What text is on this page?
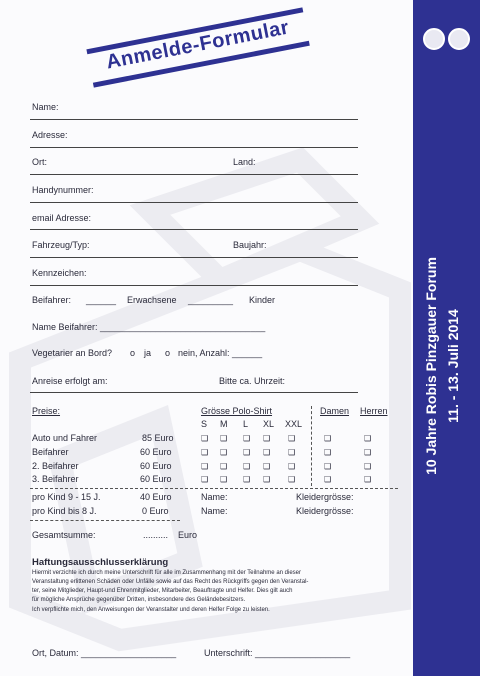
Anmelde-Formular
10 Jahre Robis Pinzgauer Forum 11. - 13. Juli 2014
Name:
Adresse:
Ort:	Land:
Handynummer:
email Adresse:
Fahrzeug/Typ:	Baujahr:
Kennzeichen:
Beifahrer: ______ Erwachsene _________ Kinder
Name Beifahrer: _________________________________
Vegetarier an Bord? o ja o nein, Anzahl: ______
Anreise erfolgt am:	Bitte ca. Uhrzeit:
Preise:	Grösse Polo-Shirt	Damen Herren
S M L XL XXL
Auto und Fahrer	85 Euro	❑ ❑ ❑ ❑ ❑	❑	❑
Beifahrer	60 Euro	❑ ❑ ❑ ❑ ❑	❑	❑
2. Beifahrer	60 Euro	❑ ❑ ❑ ❑ ❑	❑	❑
3. Beifahrer	60 Euro	❑ ❑ ❑ ❑ ❑	❑	❑
pro Kind 9 - 15 J.	40 Euro	Name:	Kleidergrösse:
pro Kind bis 8 J.	0 Euro	Name:	Kleidergrösse:
Gesamtsumme:	.......... Euro
Haftungsausschlusserklärung
Hiermit verzichte ich durch meine Unterschrift für alle im Zusammenhang mit der Teilnahme an dieser
Veranstaltung erlittenen Schäden oder Unfälle sowie auf das Recht des Rückgriffs gegen den Veranstal-
ter, seine Mitglieder, Haupt-und Ehrenmitglieder, Mitarbeiter, Beauftragte und Helfer. Dies gilt auch
für mögliche Ansprüche gegenüber Dritten, insbesondere des Geländebesitzers.
Ich verpflichte mich, den Anweisungen der Veranstalter und deren Helfer Folge zu leisten.
Ort, Datum: ___________________	Unterschrift: ___________________
